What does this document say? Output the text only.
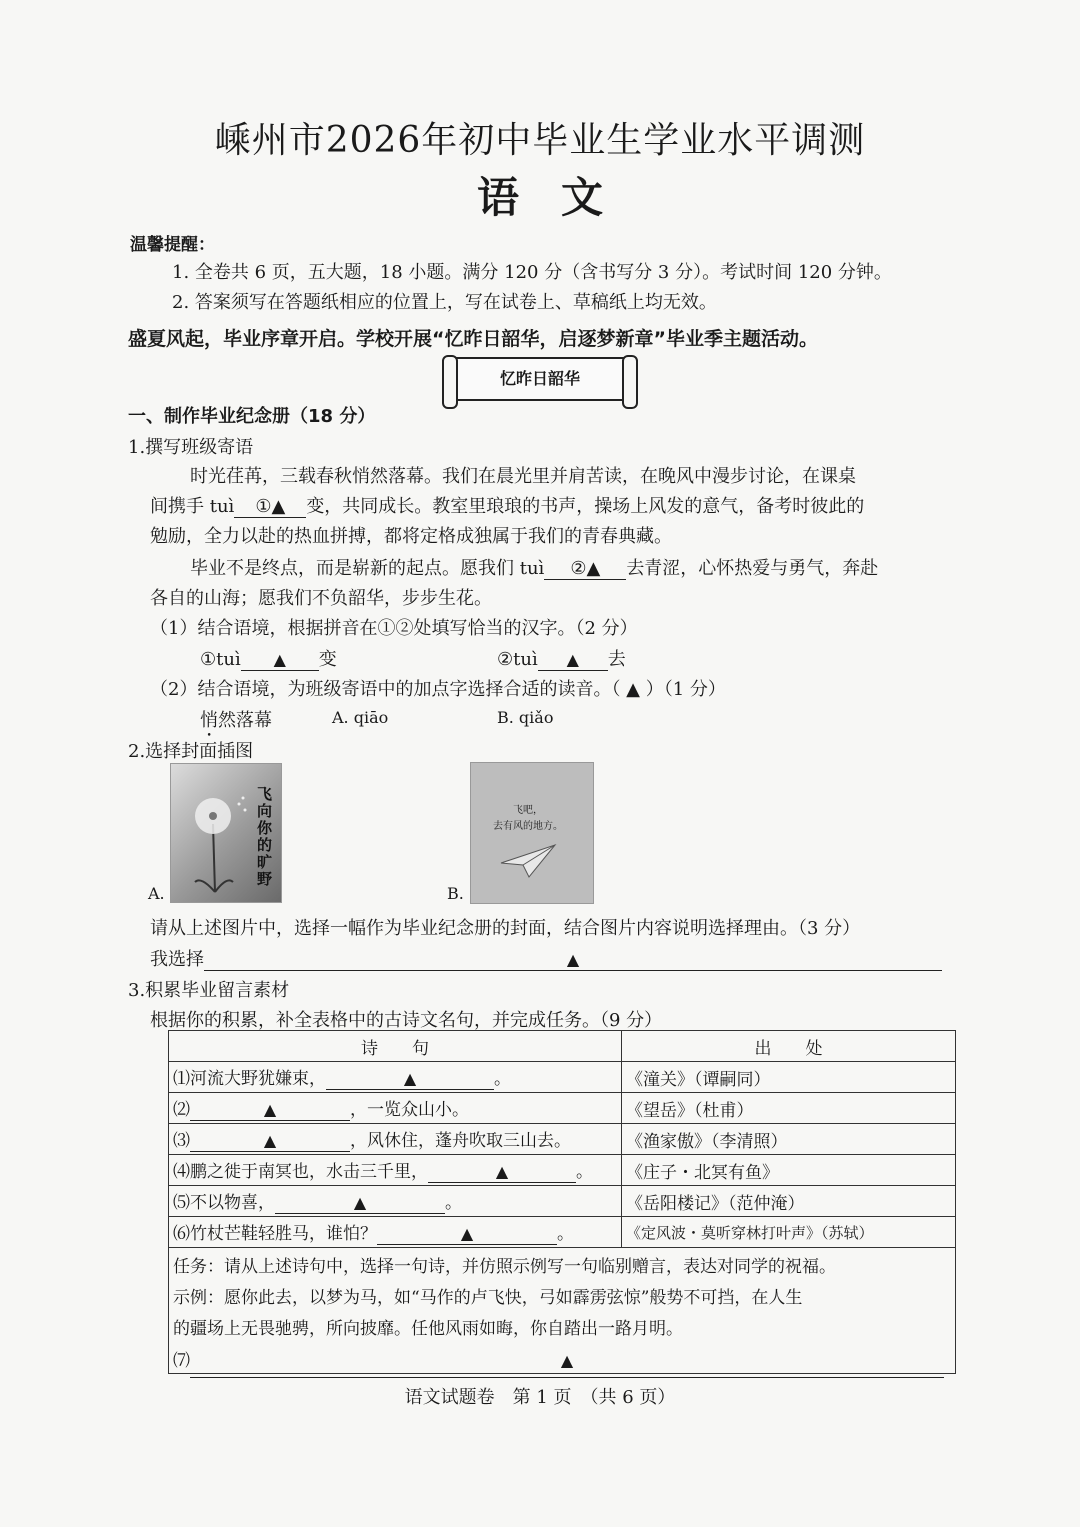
嵊州市2026年初中毕业生学业水平调测
语　文
温馨提醒：
1. 全卷共 6 页，五大题，18 小题。满分 120 分（含书写分 3 分）。考试时间 120 分钟。
2. 答案须写在答题纸相应的位置上，写在试卷上、草稿纸上均无效。
盛夏风起，毕业序章开启。学校开展“忆昨日韶华，启逐梦新章”毕业季主题活动。
忆昨日韶华
一、制作毕业纪念册（18 分）
1.撰写班级寄语
时光荏苒，三载春秋悄然落幕。我们在晨光里并肩苦读，在晚风中漫步讨论，在课桌
间携手 tuì ①▲ 变，共同成长。教室里琅琅的书声，操场上风发的意气，备考时彼此的
勉励，全力以赴的热血拼搏，都将定格成独属于我们的青春典藏。
毕业不是终点，而是崭新的起点。愿我们 tuì ②▲ 去青涩，心怀热爱与勇气，奔赴
各自的山海；愿我们不负韶华，步步生花。
（1）结合语境，根据拼音在①②处填写恰当的汉字。（2 分）
①tuì ▲ 变	②tuì ▲ 去
（2）结合语境，为班级寄语中的加点字选择合适的读音。（ ▲ ）（1 分）
悄然落幕	A. qiāo	B. qiǎo
2.选择封面插图
飞向你的旷野
A.
飞吧，
去有风的地方。
B.
请从上述图片中，选择一幅作为毕业纪念册的封面，结合图片内容说明选择理由。（3 分）
我选择	▲
3.积累毕业留言素材
根据你的积累，补全表格中的古诗文名句，并完成任务。（9 分）
诗　　句	出　　处
⑴河流大野犹嫌束， ▲ 。	《潼关》（谭嗣同）
⑵ ▲ ，一览众山小。	《望岳》（杜甫）
⑶ ▲ ，风休住，蓬舟吹取三山去。	《渔家傲》（李清照）
⑷鹏之徙于南冥也，水击三千里， ▲ 。	《庄子・北冥有鱼》
⑸不以物喜， ▲ 。	《岳阳楼记》（范仲淹）
⑹竹杖芒鞋轻胜马，谁怕？ ▲ 。	《定风波・莫听穿林打叶声》（苏轼）
任务：请从上述诗句中，选择一句诗，并仿照示例写一句临别赠言，表达对同学的祝福。
示例：愿你此去，以梦为马，如“马作的卢飞快，弓如霹雳弦惊”般势不可挡，在人生
的疆场上无畏驰骋，所向披靡。任他风雨如晦，你自踏出一路月明。
⑺	▲
语文试题卷　第 1 页　（共 6 页）
